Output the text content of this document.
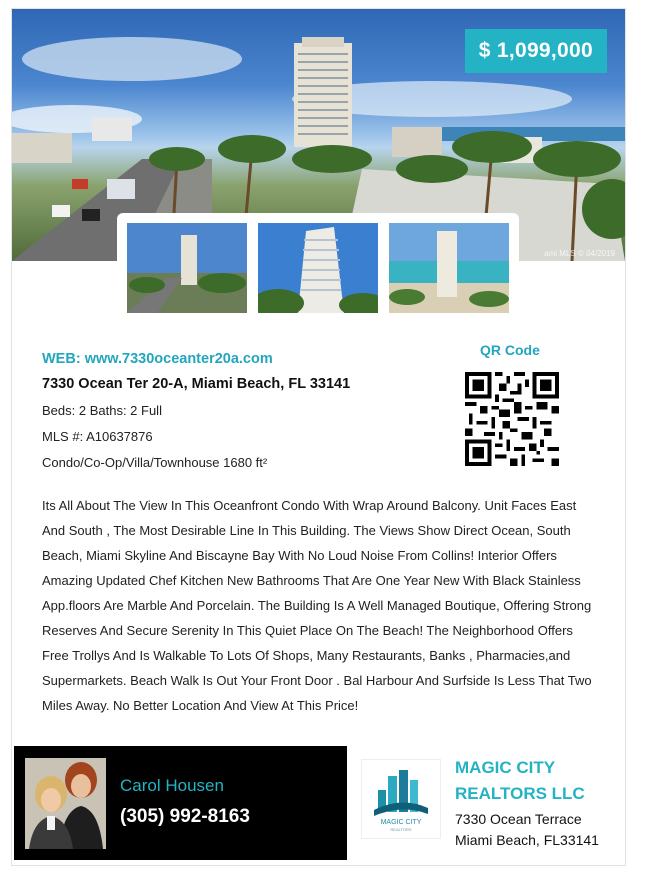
$ 1,099,000
ami MLS © 04/2019
WEB: www.7330oceanter20a.com
7330 Ocean Ter 20-A, Miami Beach, FL 33141
Beds: 2 Baths: 2 Full
MLS #: A10637876
Condo/Co-Op/Villa/Townhouse 1680 ft²
QR Code
Its All About The View In This Oceanfront Condo With Wrap Around Balcony. Unit Faces East And South , The Most Desirable Line In This Building. The Views Show Direct Ocean, South Beach, Miami Skyline And Biscayne Bay With No Loud Noise From Collins! Interior Offers Amazing Updated Chef Kitchen New Bathrooms That Are One Year New With Black Stainless App.floors Are Marble And Porcelain. The Building Is A Well Managed Boutique, Offering Strong Reserves And Secure Serenity In This Quiet Place On The Beach! The Neighborhood Offers Free Trollys And Is Walkable To Lots Of Shops, Many Restaurants, Banks , Pharmacies,and Supermarkets. Beach Walk Is Out Your Front Door . Bal Harbour And Surfside Is Less That Two Miles Away. No Better Location And View At This Price!
Carol Housen
(305) 992-8163	MAGIC CITY
REALTORS
MAGIC CITY REALTORS LLC
7330 Ocean Terrace
Miami Beach, FL33141
